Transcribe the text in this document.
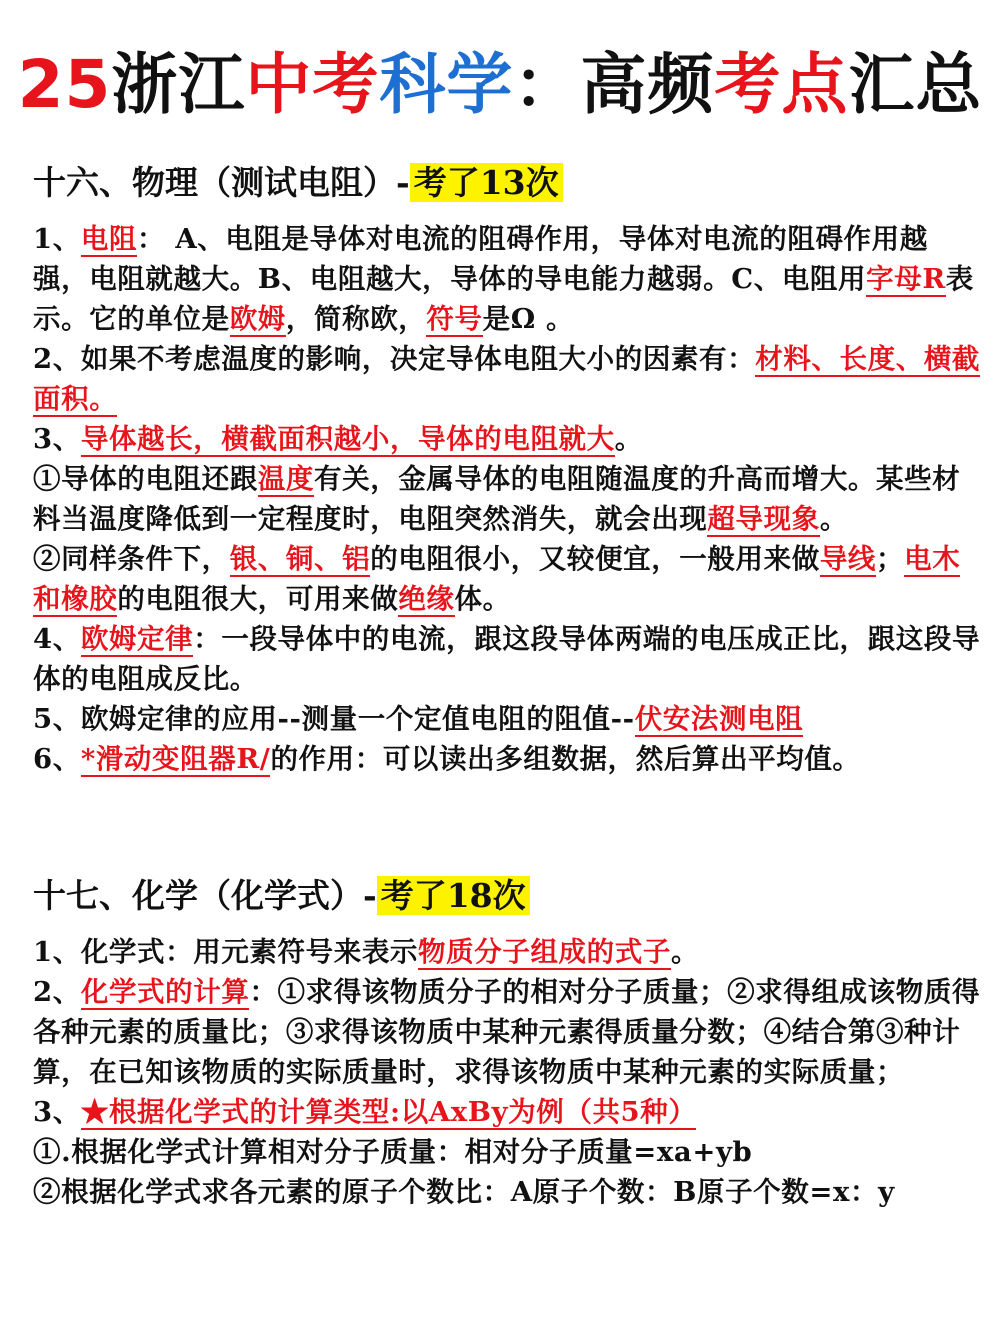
25浙江中考科学：高频考点汇总
十六、物理（测试电阻）- 考了13次
1、电阻： A、电阻是导体对电流的阻碍作用，导体对电流的阻碍作用越强，电阻就越大。B、电阻越大，导体的导电能力越弱。C、电阻用字母R表示。它的单位是欧姆，简称欧，符号是Ω 。
2、如果不考虑温度的影响，决定导体电阻大小的因素有：材料、长度、横截面积。
3、导体越长，横截面积越小，导体的电阻就大。
①导体的电阻还跟温度有关，金属导体的电阻随温度的升高而增大。某些材料当温度降低到一定程度时，电阻突然消失，就会出现超导现象。
②同样条件下，银、铜、铝的电阻很小，又较便宜，一般用来做导线；电木和橡胶的电阻很大，可用来做绝缘体。
4、欧姆定律：一段导体中的电流，跟这段导体两端的电压成正比，跟这段导体的电阻成反比。
5、欧姆定律的应用--测量一个定值电阻的阻值--伏安法测电阻
6、*滑动变阻器R/的作用：可以读出多组数据，然后算出平均值。
十七、化学（化学式）- 考了18次
1、化学式：用元素符号来表示物质分子组成的式子。
2、化学式的计算：①求得该物质分子的相对分子质量；②求得组成该物质得各种元素的质量比；③求得该物质中某种元素得质量分数；④结合第③种计算，在已知该物质的实际质量时，求得该物质中某种元素的实际质量；
3、★根据化学式的计算类型:以AxBy为例（共5种）
①.根据化学式计算相对分子质量：相对分子质量=xa+yb
②根据化学式求各元素的原子个数比：A原子个数：B原子个数=x：y
